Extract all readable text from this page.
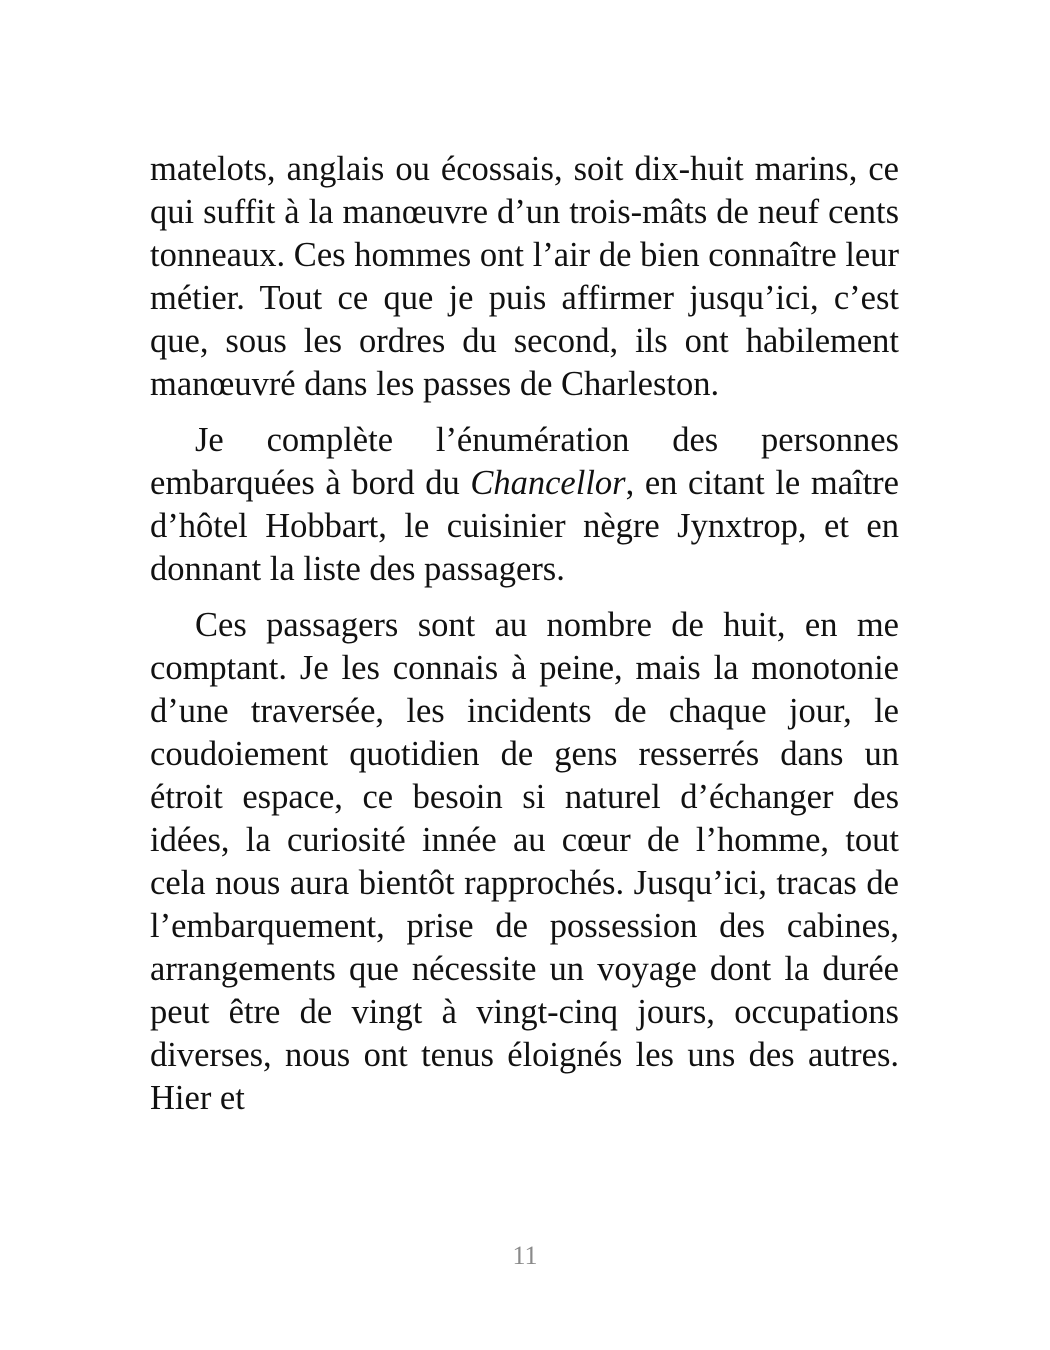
matelots, anglais ou écossais, soit dix-huit marins, ce qui suffit à la manœuvre d’un trois-mâts de neuf cents tonneaux. Ces hommes ont l’air de bien connaître leur métier. Tout ce que je puis affirmer jusqu’ici, c’est que, sous les ordres du second, ils ont habilement manœuvré dans les passes de Charleston.

Je complète l’énumération des personnes embarquées à bord du Chancellor, en citant le maître d’hôtel Hobbart, le cuisinier nègre Jynxtrop, et en donnant la liste des passagers.

Ces passagers sont au nombre de huit, en me comptant. Je les connais à peine, mais la monotonie d’une traversée, les incidents de chaque jour, le coudoiement quotidien de gens resserrés dans un étroit espace, ce besoin si naturel d’échanger des idées, la curiosité innée au cœur de l’homme, tout cela nous aura bientôt rapprochés. Jusqu’ici, tracas de l’embarquement, prise de possession des cabines, arrangements que nécessite un voyage dont la durée peut être de vingt à vingt-cinq jours, occupations diverses, nous ont tenus éloignés les uns des autres. Hier et

11
